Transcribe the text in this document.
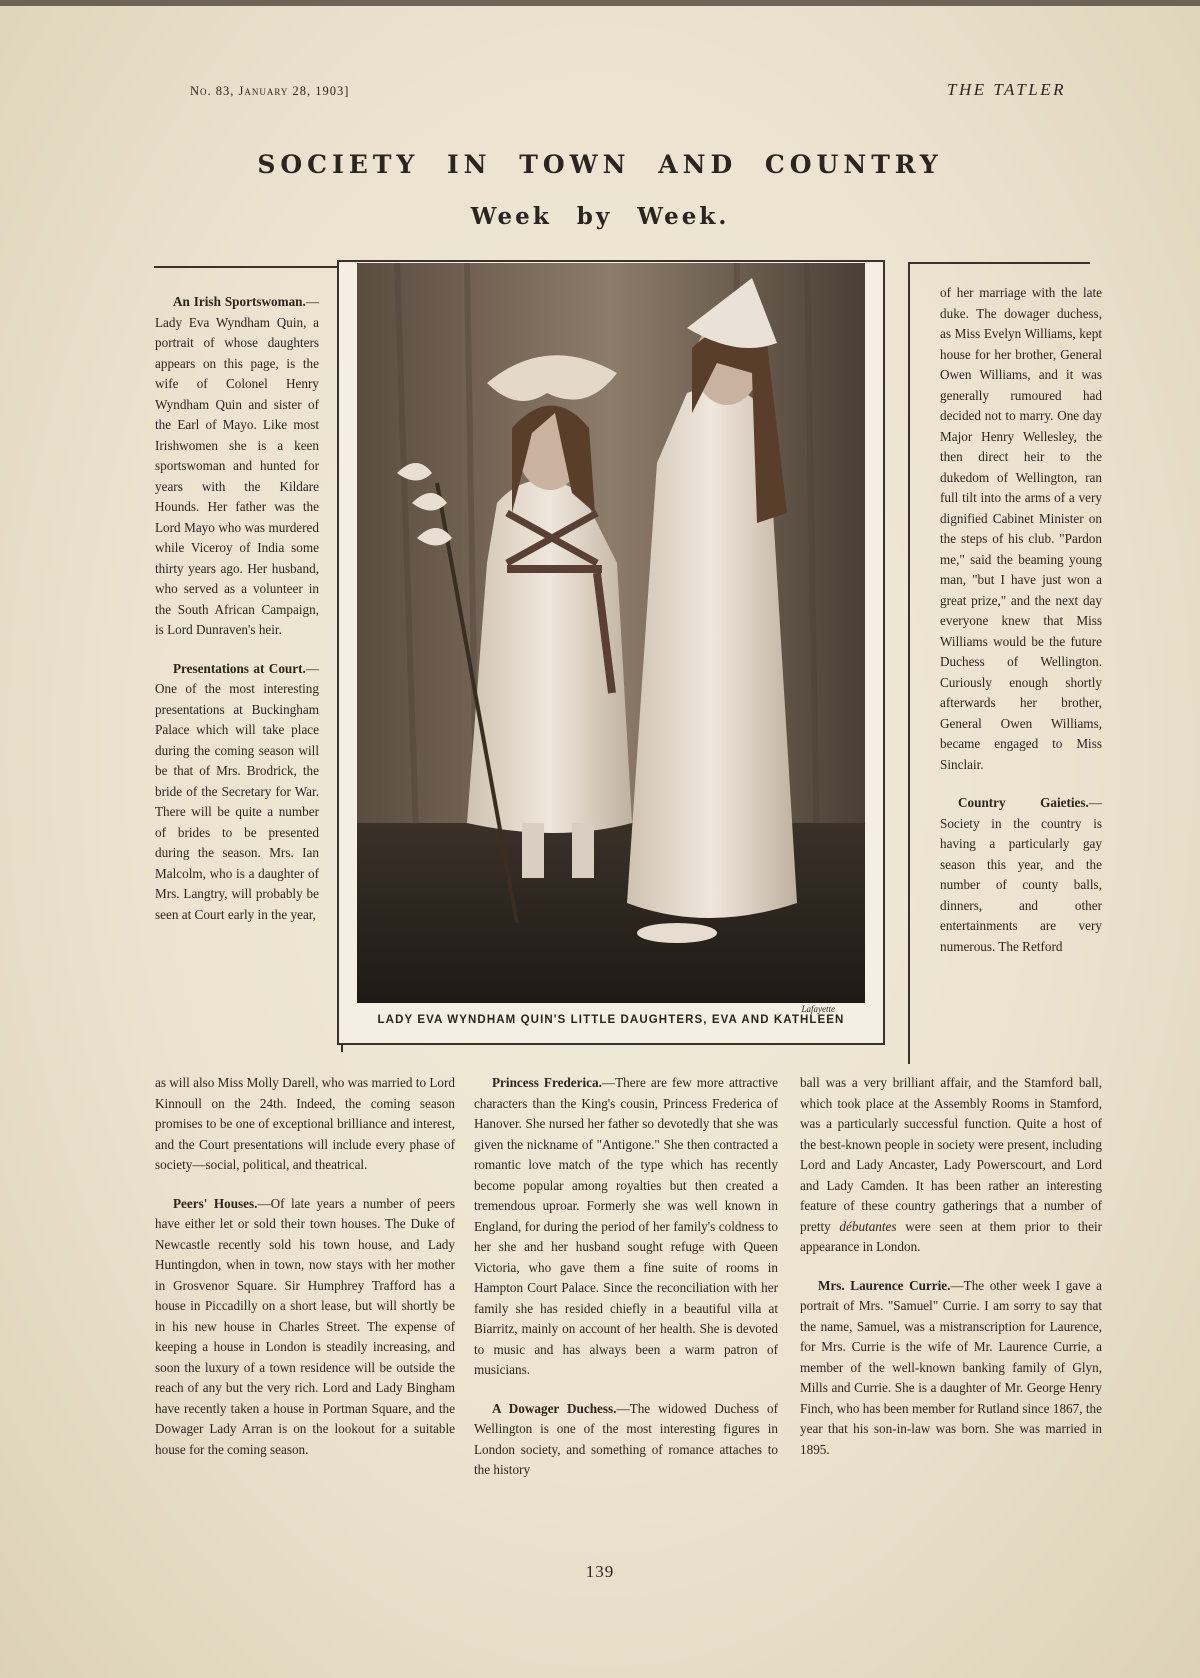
No. 83, January 28, 1903]	THE TATLER
SOCIETY IN TOWN AND COUNTRY
Week by Week.

An Irish Sportswoman.—Lady Eva Wyndham Quin, a portrait of whose daughters appears on this page, is the wife of Colonel Henry Wyndham Quin and sister of the Earl of Mayo. Like most Irishwomen she is a keen sportswoman and hunted for years with the Kildare Hounds. Her father was the Lord Mayo who was murdered while Viceroy of India some thirty years ago. Her husband, who served as a volunteer in the South African Campaign, is Lord Dunraven's heir.

Presentations at Court.—One of the most interesting presentations at Buckingham Palace which will take place during the coming season will be that of Mrs. Brodrick, the bride of the Secretary for War. There will be quite a number of brides to be presented during the season. Mrs. Ian Malcolm, who is a daughter of Mrs. Langtry, will probably be seen at Court early in the year,

Lafayette
LADY EVA WYNDHAM QUIN'S LITTLE DAUGHTERS, EVA AND KATHLEEN

of her marriage with the late duke. The dowager duchess, as Miss Evelyn Williams, kept house for her brother, General Owen Williams, and it was generally rumoured had decided not to marry. One day Major Henry Wellesley, the then direct heir to the dukedom of Wellington, ran full tilt into the arms of a very dignified Cabinet Minister on the steps of his club. "Pardon me," said the beaming young man, "but I have just won a great prize," and the next day everyone knew that Miss Williams would be the future Duchess of Wellington. Curiously enough shortly afterwards her brother, General Owen Williams, became engaged to Miss Sinclair.

Country Gaieties.—Society in the country is having a particularly gay season this year, and the number of county balls, dinners, and other entertainments are very numerous. The Retford

as will also Miss Molly Darell, who was married to Lord Kinnoull on the 24th. Indeed, the coming season promises to be one of exceptional brilliance and interest, and the Court presentations will include every phase of society—social, political, and theatrical.

Peers' Houses.—Of late years a number of peers have either let or sold their town houses. The Duke of Newcastle recently sold his town house, and Lady Huntingdon, when in town, now stays with her mother in Grosvenor Square. Sir Humphrey Trafford has a house in Piccadilly on a short lease, but will shortly be in his new house in Charles Street. The expense of keeping a house in London is steadily increasing, and soon the luxury of a town residence will be outside the reach of any but the very rich. Lord and Lady Bingham have recently taken a house in Portman Square, and the Dowager Lady Arran is on the lookout for a suitable house for the coming season.

Princess Frederica.—There are few more attractive characters than the King's cousin, Princess Frederica of Hanover. She nursed her father so devotedly that she was given the nickname of "Antigone." She then contracted a romantic love match of the type which has recently become popular among royalties but then created a tremendous uproar. Formerly she was well known in England, for during the period of her family's coldness to her she and her husband sought refuge with Queen Victoria, who gave them a fine suite of rooms in Hampton Court Palace. Since the reconciliation with her family she has resided chiefly in a beautiful villa at Biarritz, mainly on account of her health. She is devoted to music and has always been a warm patron of musicians.

A Dowager Duchess.—The widowed Duchess of Wellington is one of the most interesting figures in London society, and something of romance attaches to the history

ball was a very brilliant affair, and the Stamford ball, which took place at the Assembly Rooms in Stamford, was a particularly successful function. Quite a host of the best-known people in society were present, including Lord and Lady Ancaster, Lady Powerscourt, and Lord and Lady Camden. It has been rather an interesting feature of these country gatherings that a number of pretty débutantes were seen at them prior to their appearance in London.

Mrs. Laurence Currie.—The other week I gave a portrait of Mrs. "Samuel" Currie. I am sorry to say that the name, Samuel, was a mistranscription for Laurence, for Mrs. Currie is the wife of Mr. Laurence Currie, a member of the well-known banking family of Glyn, Mills and Currie. She is a daughter of Mr. George Henry Finch, who has been member for Rutland since 1867, the year that his son-in-law was born. She was married in 1895.

139
